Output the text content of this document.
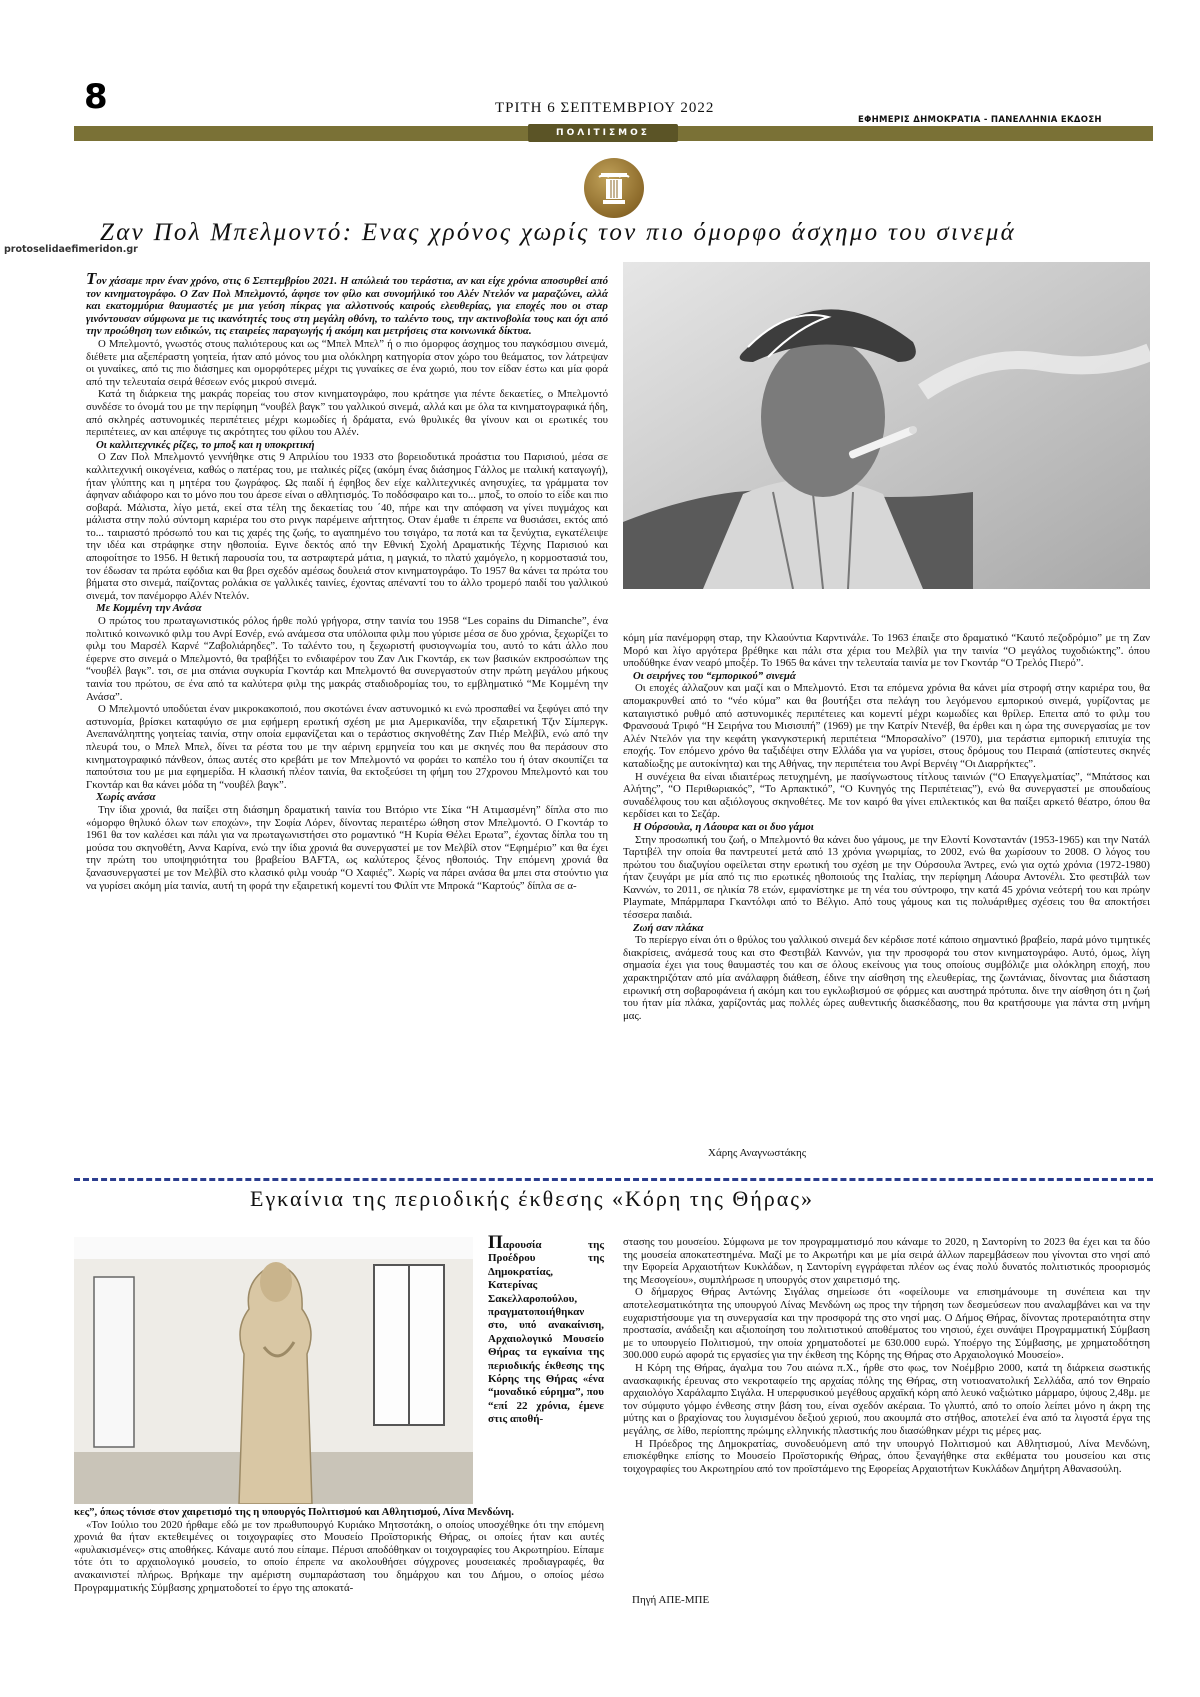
8	ΤΡΙΤΗ 6 ΣΕΠΤΕΜΒΡΙΟΥ 2022
ΕΦΗΜΕΡΙΣ ΔΗΜΟΚΡΑΤΙΑ - ΠΑΝΕΛΛΗΝΙΑ ΕΚΔΟΣΗ
ΠΟΛΙΤΙΣΜΟΣ
protoselidaefimeridon.gr
Ζαν Πολ Μπελμοντό: Ενας χρόνος χωρίς τον πιο όμορφο άσχημο του σινεμά

Τον χάσαμε πριν έναν χρόνο, στις 6 Σεπτεμβρίου 2021. Η απώλειά του τεράστια, αν και είχε χρόνια αποσυρθεί από τον κινηματογράφο. Ο Ζαν Πολ Μπελμοντό, άφησε τον φίλο και συνομήλικό του Αλέν Ντελόν να μαραζώνει, αλλά και εκατομμύρια θαυμαστές με μια γεύση πίκρας για αλλοτινούς καιρούς ελευθερίας, για εποχές που οι σταρ γινόντουσαν σύμφωνα με τις ικανότητές τους στη μεγάλη οθόνη, το ταλέντο τους, την ακτινοβολία τους και όχι από την προώθηση των ειδικών, τις εταιρείες παραγωγής ή ακόμη και μετρήσεις στα κοινωνικά δίκτυα.

Ο Μπελμοντό, γνωστός στους παλιότερους και ως “Μπελ Μπελ” ή ο πιο όμορφος άσχημος του παγκόσμιου σινεμά, διέθετε μια αξεπέραστη γοητεία, ήταν από μόνος του μια ολόκληρη κατηγορία στον χώρο του θεάματος, τον λάτρεψαν οι γυναίκες, από τις πιο διάσημες και ομορφότερες μέχρι τις γυναίκες σε ένα χωριό, που τον είδαν έστω και μία φορά από την τελευταία σειρά θέσεων ενός μικρού σινεμά.

Κατά τη διάρκεια της μακράς πορείας του στον κινηματογράφο, που κράτησε για πέντε δεκαετίες, ο Μπελμοντό συνδέσε το όνομά του με την περίφημη “νουβέλ βαγκ” του γαλλικού σινεμά, αλλά και με όλα τα κινηματογραφικά ήδη, από σκληρές αστυνομικές περιπέτειες μέχρι κωμωδίες ή δράματα, ενώ θρυλικές θα γίνουν και οι ερωτικές του περιπέτειες, αν και απέφυγε τις ακρότητες του φίλου του Αλέν.

Οι καλλιτεχνικές ρίζες, το μποξ και η υποκριτική

Ο Ζαν Πολ Μπελμοντό γεννήθηκε στις 9 Απριλίου του 1933 στο βορειοδυτικά προάστια του Παρισιού, μέσα σε καλλιτεχνική οικογένεια, καθώς ο πατέρας του, με ιταλικές ρίζες (ακόμη ένας διάσημος Γάλλος με ιταλική καταγωγή), ήταν γλύπτης και η μητέρα του ζωγράφος. Ως παιδί ή έφηβος δεν είχε καλλιτεχνικές ανησυχίες, τα γράμματα τον άφηναν αδιάφορο και το μόνο που του άρεσε είναι ο αθλητισμός. Το ποδόσφαιρο και το... μποξ, το οποίο το είδε και πιο σοβαρά. Μάλιστα, λίγο μετά, εκεί στα τέλη της δεκαετίας του ΄40, πήρε και την απόφαση να γίνει πυγμάχος και μάλιστα στην πολύ σύντομη καριέρα του στο ρινγκ παρέμεινε αήττητος. Οταν έμαθε τι έπρεπε να θυσιάσει, εκτός από το... ταιριαστό πρόσωπό του και τις χαρές της ζωής, το αγαπημένο του τσιγάρο, τα ποτά και τα ξενύχτια, εγκατέλειψε την ιδέα και στράφηκε στην ηθοποιία. Εγινε δεκτός από την Εθνική Σχολή Δραματικής Τέχνης Παρισιού και αποφοίτησε το 1956. Η θετική παρουσία του, τα αστραφτερά μάτια, η μαγκιά, το πλατύ χαμόγελο, η κορμοστασιά του, τον έδωσαν τα πρώτα εφόδια και θα βρει σχεδόν αμέσως δουλειά στον κινηματογράφο. Το 1957 θα κάνει τα πρώτα του βήματα στο σινεμά, παίζοντας ρολάκια σε γαλλικές ταινίες, έχοντας απέναντί του το άλλο τρομερό παιδί του γαλλικού σινεμά, τον πανέμορφο Αλέν Ντελόν.

Με Κομμένη την Ανάσα

Ο πρώτος του πρωταγωνιστικός ρόλος ήρθε πολύ γρήγορα, στην ταινία του 1958 “Les copains du Dimanche”, ένα πολιτικό κοινωνικό φιλμ του Ανρί Εσνέρ, ενώ ανάμεσα στα υπόλοιπα φιλμ που γύρισε μέσα σε δυο χρόνια, ξεχωρίζει το φιλμ του Μαρσέλ Καρνέ “Ζαβολιάρηδες”. Το ταλέντο του, η ξεχωριστή φυσιογνωμία του, αυτό το κάτι άλλο που έφερνε στο σινεμά ο Μπελμοντό, θα τραβήξει το ενδιαφέρον του Ζαν Λικ Γκοντάρ, εκ των βασικών εκπροσώπων της “νουβέλ βαγκ”. τσι, σε μια σπάνια συγκυρία Γκοντάρ και Μπελμοντό θα συνεργαστούν στην πρώτη μεγάλου μήκους ταινία του πρώτου, σε ένα από τα καλύτερα φιλμ της μακράς σταδιοδρομίας του, το εμβληματικό “Με Κομμένη την Ανάσα”.

Ο Μπελμοντό υποδύεται έναν μικροκακοποιό, που σκοτώνει έναν αστυνομικό κι ενώ προσπαθεί να ξεφύγει από την αστυνομία, βρίσκει καταφύγιο σε μια εφήμερη ερωτική σχέση με μια Αμερικανίδα, την εξαιρετική Τζιν Σίμπεργκ. Ανεπανάληπτης γοητείας ταινία, στην οποία εμφανίζεται και ο τεράστιος σκηνοθέτης Ζαν Πιέρ Μελβίλ, ενώ από την πλευρά του, ο Μπελ Μπελ, δίνει τα ρέστα του με την αέρινη ερμηνεία του και με σκηνές που θα περάσουν στο κινηματογραφικό πάνθεον, όπως αυτές στο κρεβάτι με τον Μπελμοντό να φοράει το καπέλο του ή όταν σκουπίζει τα παπούτσια του με μια εφημερίδα. Η κλασική πλέον ταινία, θα εκτοξεύσει τη φήμη του 27χρονου Μπελμοντό και του Γκοντάρ και θα κάνει μόδα τη “νουβέλ βαγκ”.

Χωρίς ανάσα

Την ίδια χρονιά, θα παίξει στη διάσημη δραματική ταινία του Βιτόριο ντε Σίκα “Η Ατιμασμένη” δίπλα στο πιο «όμορφο θηλυκό όλων των εποχών», την Σοφία Λόρεν, δίνοντας περαιτέρω ώθηση στον Μπελμοντό. Ο Γκοντάρ το 1961 θα τον καλέσει και πάλι για να πρωταγωνιστήσει στο ρομαντικό “Η Κυρία Θέλει Ερωτα”, έχοντας δίπλα του τη μούσα του σκηνοθέτη, Αννα Καρίνα, ενώ την ίδια χρονιά θα συνεργαστεί με τον Μελβίλ στον “Εφημέριο” και θα έχει την πρώτη του υποψηφιότητα του βραβείου BAFTA, ως καλύτερος ξένος ηθοποιός. Την επόμενη χρονιά θα ξανασυνεργαστεί με τον Μελβίλ στο κλασικό φιλμ νουάρ “Ο Χαφιές”. Χωρίς να πάρει ανάσα θα μπει στα στούντιο για να γυρίσει ακόμη μία ταινία, αυτή τη φορά την εξαιρετική κομεντί του Φιλίπ ντε Μπροκά “Καρτούς” δίπλα σε α-

κόμη μία πανέμορφη σταρ, την Κλαούντια Καρντινάλε. Το 1963 έπαιξε στο δραματικό “Καυτό πεζοδρόμιο” με τη Ζαν Μορό και λίγο αργότερα βρέθηκε και πάλι στα χέρια του Μελβίλ για την ταινία “Ο μεγάλος τυχοδιώκτης”. όπου υποδύθηκε έναν νεαρό μποξέρ. Το 1965 θα κάνει την τελευταία ταινία με τον Γκοντάρ “Ο Τρελός Πιερό”.

Οι σειρήνες του “εμπορικού” σινεμά

Οι εποχές άλλαζουν και μαζί και ο Μπελμοντό. Ετσι τα επόμενα χρόνια θα κάνει μία στροφή στην καριέρα του, θα απομακρυνθεί από το “νέο κύμα” και θα βουτήξει στα πελάγη του λεγόμενου εμπορικού σινεμά, γυρίζοντας με καταιγιστικό ρυθμό από αστυνομικές περιπέτειες και κομεντί μέχρι κωμωδίες και θρίλερ. Επειτα από το φιλμ του Φρανσουά Τριφό “Η Σειρήνα του Μισισιπή” (1969) με την Κατρίν Ντενέβ, θα έρθει και η ώρα της συνεργασίας με τον Αλέν Ντελόν για την κεφάτη γκανγκστερική περιπέτεια “Μπορσαλίνο” (1970), μια τεράστια εμπορική επιτυχία της εποχής. Τον επόμενο χρόνο θα ταξιδέψει στην Ελλάδα για να γυρίσει, στους δρόμους του Πειραιά (απίστευτες σκηνές καταδίωξης με αυτοκίνητα) και της Αθήνας, την περιπέτεια του Ανρί Βερνέιγ “Οι Διαρρήκτες”.

Η συνέχεια θα είναι ιδιαιτέρως πετυχημένη, με πασίγνωστους τίτλους ταινιών (“Ο Επαγγελματίας”, “Μπάτσος και Αλήτης”, “Ο Περιθωριακός”, “Το Αρπακτικό”, “Ο Κυνηγός της Περιπέτειας”), ενώ θα συνεργαστεί με σπουδαίους συναδέλφους του και αξιόλογους σκηνοθέτες. Με τον καιρό θα γίνει επιλεκτικός και θα παίξει αρκετό θέατρο, όπου θα κερδίσει και το Σεζάρ.

Η Ούρσουλα, η Λάουρα και οι δυο γάμοι

Στην προσωπική του ζωή, ο Μπελμοντό θα κάνει δυο γάμους, με την Ελοντί Κονσταντάν (1953-1965) και την Νατάλ Ταρτιβέλ την οποία θα παντρευτεί μετά από 13 χρόνια γνωριμίας, το 2002, ενώ θα χωρίσουν το 2008. Ο λόγος του πρώτου του διαζυγίου οφείλεται στην ερωτική του σχέση με την Ούρσουλα Άντρες, ενώ για οχτώ χρόνια (1972-1980) ήταν ζευγάρι με μία από τις πιο ερωτικές ηθοποιούς της Ιταλίας, την περίφημη Λάουρα Αντονέλι. Στο φεστιβάλ των Καννών, το 2011, σε ηλικία 78 ετών, εμφανίστηκε με τη νέα του σύντροφο, την κατά 45 χρόνια νεότερή του και πρώην Playmate, Μπάρμπαρα Γκαντόλφι από το Βέλγιο. Από τους γάμους και τις πολυάριθμες σχέσεις του θα αποκτήσει τέσσερα παιδιά.

Ζωή σαν πλάκα

Το περίεργο είναι ότι ο θρύλος του γαλλικού σινεμά δεν κέρδισε ποτέ κάποιο σημαντικό βραβείο, παρά μόνο τιμητικές διακρίσεις, ανάμεσά τους και στο Φεστιβάλ Καννών, για την προσφορά του στον κινηματογράφο. Αυτό, όμως, λίγη σημασία έχει για τους θαυμαστές του και σε όλους εκείνους για τους οποίους συμβόλιζε μια ολόκληρη εποχή, που χαρακτηριζόταν από μία ανάλαφρη διάθεση, έδινε την αίσθηση της ελευθερίας, της ζωντάνιας, δίνοντας μια διάσταση ειρωνική στη σοβαροφάνεια ή ακόμη και του εγκλωβισμού σε φόρμες και αυστηρά πρότυπα. δινε την αίσθηση ότι η ζωή του ήταν μία πλάκα, χαρίζοντάς μας πολλές ώρες αυθεντικής διασκέδασης, που θα κρατήσουμε για πάντα στη μνήμη μας.

Χάρης Αναγνωστάκης
Εγκαίνια της περιοδικής έκθεσης «Κόρη της Θήρας»
Παρουσία της Προέδρου της Δημοκρατίας, Κατερίνας Σακελλαροπούλου, πραγματοποιήθηκαν στο, υπό ανακαίνιση, Αρχαιολογικό Μουσείο Θήρας τα εγκαίνια της περιοδικής έκθεσης της Κόρης της Θήρας «ένα “μοναδικό εύρημα”, που “επί 22 χρόνια, έμενε στις αποθή-

κες”, όπως τόνισε στον χαιρετισμό της η υπουργός Πολιτισμού και Αθλητισμού, Λίνα Μενδώνη.

«Τον Ιούλιο του 2020 ήρθαμε εδώ με τον πρωθυπουργό Κυριάκο Μητσοτάκη, ο οποίος υποσχέθηκε ότι την επόμενη χρονιά θα ήταν εκτεθειμένες οι τοιχογραφίες στο Μουσείο Προϊστορικής Θήρας, οι οποίες ήταν και αυτές «φυλακισμένες» στις αποθήκες. Κάναμε αυτό που είπαμε. Πέρυσι αποδόθηκαν οι τοιχογραφίες του Ακρωτηρίου. Είπαμε τότε ότι το αρχαιολογικό μουσείο, το οποίο έπρεπε να ακολουθήσει σύγχρονες μουσειακές προδιαγραφές, θα ανακαινιστεί πλήρως. Βρήκαμε την αμέριστη συμπαράσταση του δημάρχου και του Δήμου, ο οποίος μέσω Προγραμματικής Σύμβασης χρηματοδοτεί το έργο της αποκατά-

στασης του μουσείου. Σύμφωνα με τον προγραμματισμό που κάναμε το 2020, η Σαντορίνη το 2023 θα έχει και τα δύο της μουσεία αποκατεστημένα. Μαζί με το Ακρωτήρι και με μία σειρά άλλων παρεμβάσεων που γίνονται στο νησί από την Εφορεία Αρχαιοτήτων Κυκλάδων, η Σαντορίνη εγγράφεται πλέον ως ένας πολύ δυνατός πολιτιστικός προορισμός της Μεσογείου», συμπλήρωσε η υπουργός στον χαιρετισμό της.

Ο δήμαρχος Θήρας Αντώνης Σιγάλας σημείωσε ότι «οφείλουμε να επισημάνουμε τη συνέπεια και την αποτελεσματικότητα της υπουργού Λίνας Μενδώνη ως προς την τήρηση των δεσμεύσεων που αναλαμβάνει και να την ευχαριστήσουμε για τη συνεργασία και την προσφορά της στο νησί μας. Ο Δήμος Θήρας, δίνοντας προτεραιότητα στην προστασία, ανάδειξη και αξιοποίηση του πολιτιστικού αποθέματος του νησιού, έχει συνάψει Προγραμματική Σύμβαση με το υπουργείο Πολιτισμού, την οποία χρηματοδοτεί με 630.000 ευρώ. Υποέργο της Σύμβασης, με χρηματοδότηση 300.000 ευρώ αφορά τις εργασίες για την έκθεση της Κόρης της Θήρας στο Αρχαιολογικό Μουσείο».

Η Κόρη της Θήρας, άγαλμα του 7ου αιώνα π.Χ., ήρθε στο φως, τον Νοέμβριο 2000, κατά τη διάρκεια σωστικής ανασκαφικής έρευνας στο νεκροταφείο της αρχαίας πόλης της Θήρας, στη νοτιοανατολική Σελλάδα, από τον Θηραίο αρχαιολόγο Χαράλαμπο Σιγάλα. Η υπερφυσικού μεγέθους αρχαϊκή κόρη από λευκό ναξιώτικο μάρμαρο, ύψους 2,48μ. με τον σύμφυτο γόμφο ένθεσης στην βάση του, είναι σχεδόν ακέραια. Το γλυπτό, από το οποίο λείπει μόνο η άκρη της μύτης και ο βραχίονας του λυγισμένου δεξιού χεριού, που ακουμπά στο στήθος, αποτελεί ένα από τα λιγοστά έργα της μεγάλης, σε λίθο, περίοπτης πρώιμης ελληνικής πλαστικής που διασώθηκαν μέχρι τις μέρες μας.

Η Πρόεδρος της Δημοκρατίας, συνοδευόμενη από την υπουργό Πολιτισμού και Αθλητισμού, Λίνα Μενδώνη, επισκέφθηκε επίσης το Μουσείο Προϊστορικής Θήρας, όπου ξεναγήθηκε στα εκθέματα του μουσείου και στις τοιχογραφίες του Ακρωτηρίου από τον προϊστάμενο της Εφορείας Αρχαιοτήτων Κυκλάδων Δημήτρη Αθανασούλη.

Πηγή ΑΠΕ-ΜΠΕ
